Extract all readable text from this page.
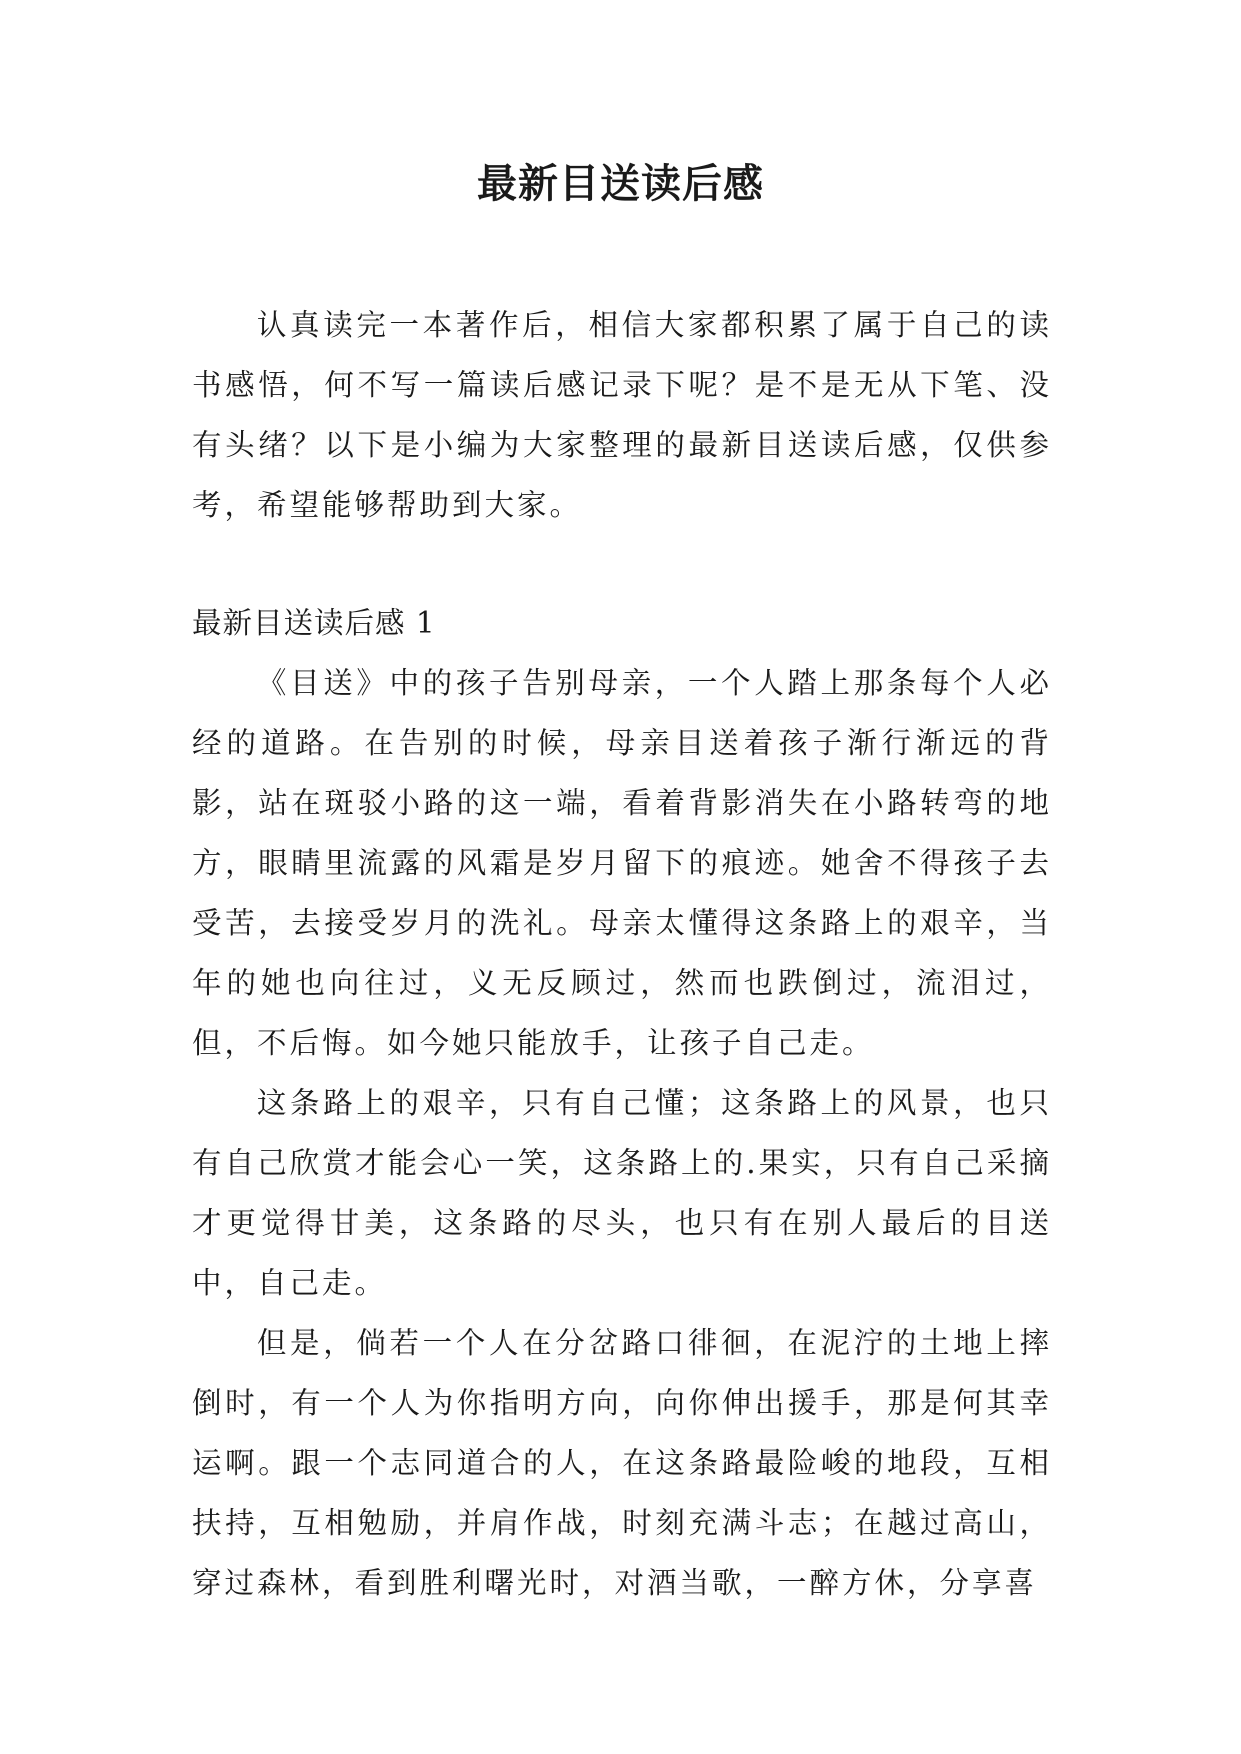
最新目送读后感

认真读完一本著作后，相信大家都积累了属于自己的读书感悟，何不写一篇读后感记录下呢？是不是无从下笔、没有头绪？以下是小编为大家整理的最新目送读后感，仅供参考，希望能够帮助到大家。

最新目送读后感 1

《目送》中的孩子告别母亲，一个人踏上那条每个人必经的道路。在告别的时候，母亲目送着孩子渐行渐远的背影，站在斑驳小路的这一端，看着背影消失在小路转弯的地方，眼睛里流露的风霜是岁月留下的痕迹。她舍不得孩子去受苦，去接受岁月的洗礼。母亲太懂得这条路上的艰辛，当年的她也向往过，义无反顾过，然而也跌倒过，流泪过，但，不后悔。如今她只能放手，让孩子自己走。

这条路上的艰辛，只有自己懂；这条路上的风景，也只有自己欣赏才能会心一笑，这条路上的.果实，只有自己采摘才更觉得甘美，这条路的尽头，也只有在别人最后的目送中，自己走。

但是，倘若一个人在分岔路口徘徊，在泥泞的土地上摔倒时，有一个人为你指明方向，向你伸出援手，那是何其幸运啊。跟一个志同道合的人，在这条路最险峻的地段，互相扶持，互相勉励，并肩作战，时刻充满斗志；在越过高山，穿过森林，看到胜利曙光时，对酒当歌，一醉方休，分享喜
